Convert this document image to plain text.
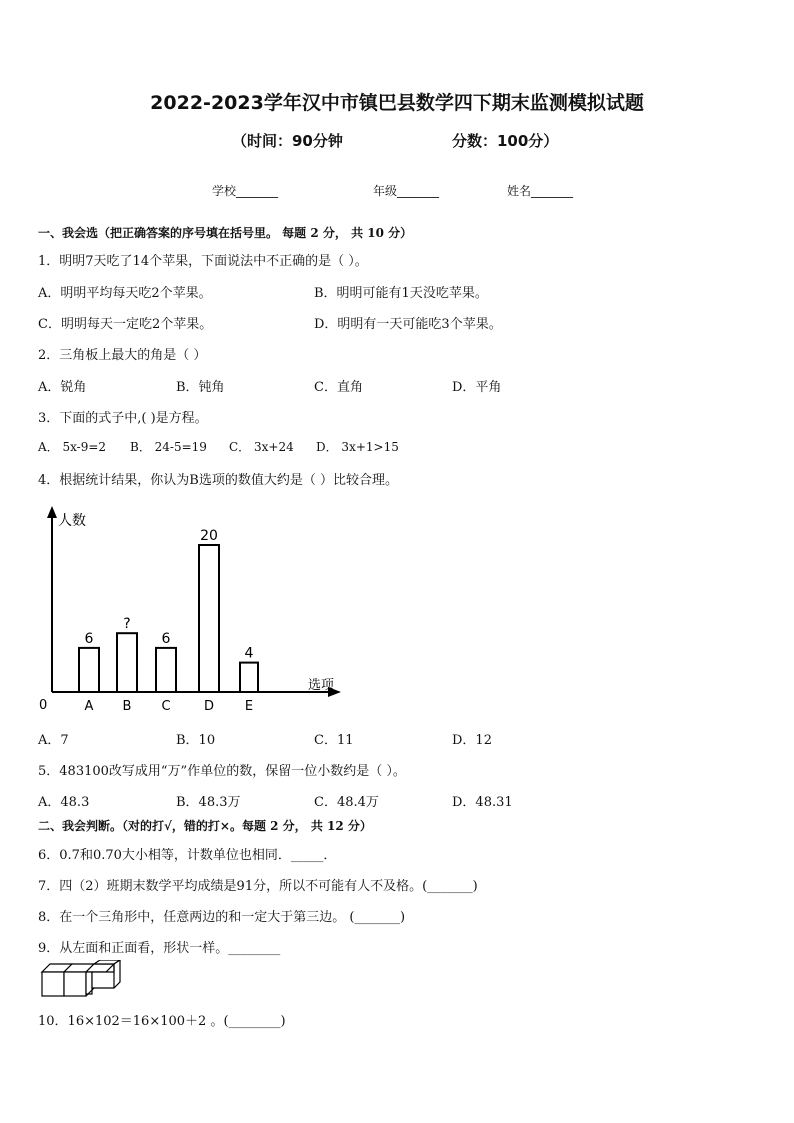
2022-2023学年汉中市镇巴县数学四下期末监测模拟试题
（时间：90分钟	分数：100分）
学校_______	年级_______	姓名_______
一、我会选（把正确答案的序号填在括号里。 每题 2 分， 共 10 分）
1．明明7天吃了14个苹果，下面说法中不正确的是（ ）。
A．明明平均每天吃2个苹果。	B．明明可能有1天没吃苹果。
C．明明每天一定吃2个苹果。	D．明明有一天可能吃3个苹果。
2．三角板上最大的角是（ ）
A．锐角	B．钝角	C．直角	D．平角
3．下面的式子中,( )是方程。
A． 5x-9=2 B． 24-5=19 C． 3x+24 D． 3x+1>15
4．根据统计结果，你认为B选项的数值大约是（ ）比较合理。
人数
选项
0
6
A
?
B
6
C
20
D
4
E
A．7	B．10	C．11	D．12
5．483100改写成用“万”作单位的数，保留一位小数约是（ ）。
A．48.3	B．48.3万	C．48.4万	D．48.31
二、我会判断。（对的打√，错的打×。每题 2 分， 共 12 分）
6．0.7和0.70大小相等，计数单位也相同．_____．
7．四（2）班期末数学平均成绩是91分，所以不可能有人不及格。(_______)
8．在一个三角形中，任意两边的和一定大于第三边。 (_______)
9．从左面和正面看，形状一样。________
10．16×102＝16×100＋2 。(________)
